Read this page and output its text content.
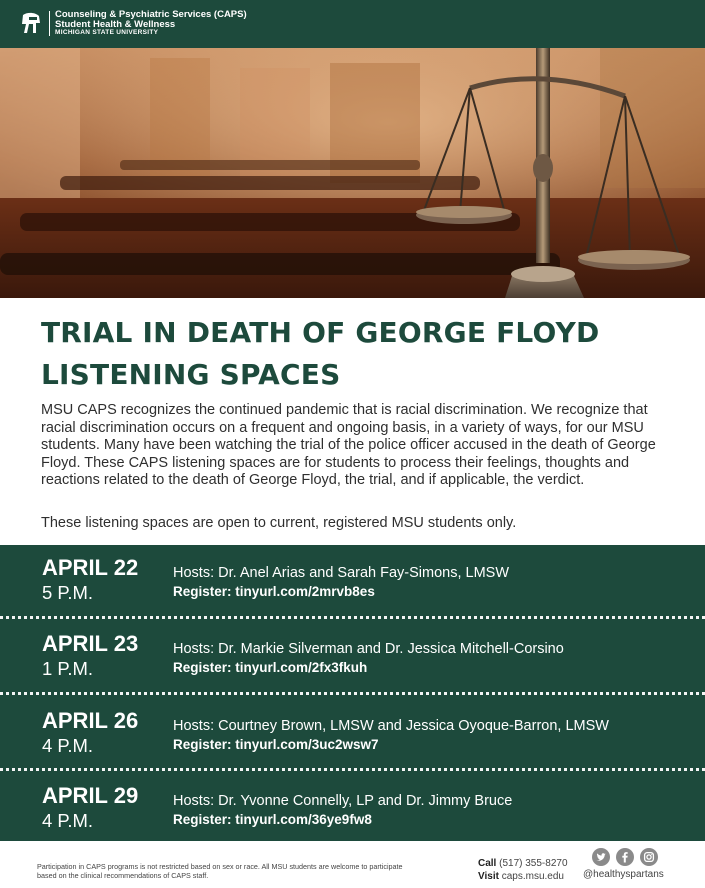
Counseling & Psychiatric Services (CAPS)
Student Health & Wellness
MICHIGAN STATE UNIVERSITY
TRIAL IN DEATH OF GEORGE FLOYD
LISTENING SPACES

MSU CAPS recognizes the continued pandemic that is racial discrimination. We recognize that racial discrimination occurs on a frequent and ongoing basis, in a variety of ways, for our MSU students. Many have been watching the trial of the police officer accused in the death of George Floyd. These CAPS listening spaces are for students to process their feelings, thoughts and reactions related to the death of George Floyd, the trial, and if applicable, the verdict.

These listening spaces are open to current, registered MSU students only.

APRIL 22

5 P.M.

Hosts: Dr. Anel Arias and Sarah Fay-Simons, LMSW

Register: tinyurl.com/2mrvb8es

APRIL 23

1 P.M.

Hosts: Dr. Markie Silverman and Dr. Jessica Mitchell-Corsino

Register: tinyurl.com/2fx3fkuh

APRIL 26

4 P.M.

Hosts: Courtney Brown, LMSW and Jessica Oyoque-Barron, LMSW

Register: tinyurl.com/3uc2wsw7

APRIL 29

4 P.M.

Hosts: Dr. Yvonne Connelly, LP and Dr. Jimmy Bruce

Register: tinyurl.com/36ye9fw8

Participation in CAPS programs is not restricted based on sex or race. All MSU students are welcome to participate based on the clinical recommendations of CAPS staff.

Call (517) 355-8270
Visit caps.msu.edu	@healthyspartans
